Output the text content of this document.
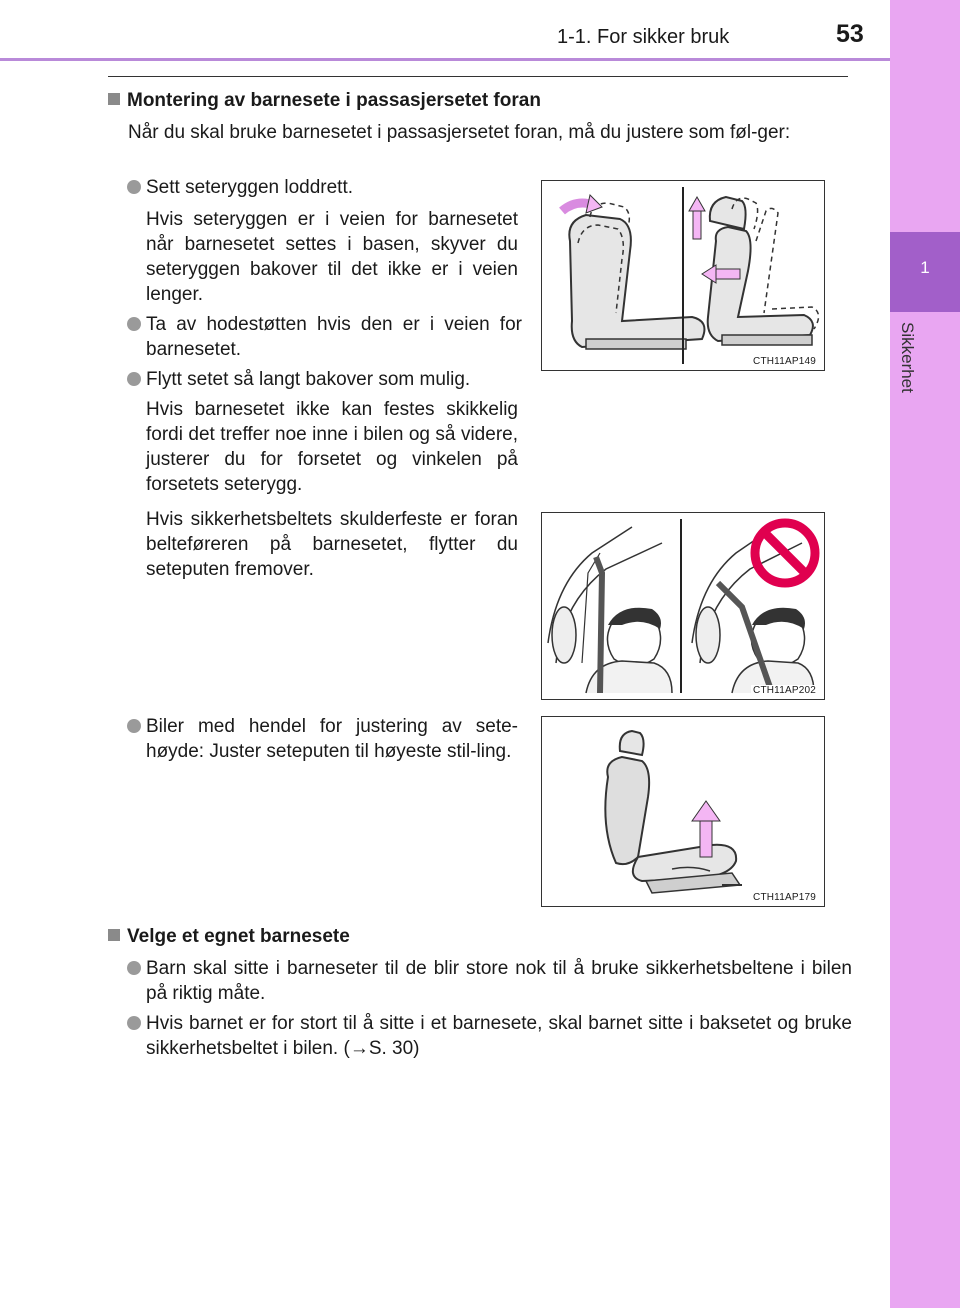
1-1. For sikker bruk	53
1
Sikkerhet
Montering av barnesete i passasjersetet foran
Når du skal bruke barnesetet i passasjersetet foran, må du justere som føl-ger:
Sett seteryggen loddrett.
Hvis seteryggen er i veien for barnesetet når barnesetet settes i basen, skyver du seteryggen bakover til det ikke er i veien lenger.
Ta av hodestøtten hvis den er i veien for barnesetet.
Flytt setet så langt bakover som mulig.
Hvis barnesetet ikke kan festes skikkelig fordi det treffer noe inne i bilen og så videre, justerer du for forsetet og vinkelen på forsetets seterygg.
Hvis sikkerhetsbeltets skulderfeste er foran belteføreren på barnesetet, flytter du seteputen fremover.
Biler med hendel for justering av sete-høyde: Juster seteputen til høyeste stil-ling.
CTH11AP149
CTH11AP202
CTH11AP179
Velge et egnet barnesete
Barn skal sitte i barneseter til de blir store nok til å bruke sikkerhetsbeltene i bilen på riktig måte.
Hvis barnet er for stort til å sitte i et barnesete, skal barnet sitte i baksetet og bruke sikkerhetsbeltet i bilen. (→S. 30)
